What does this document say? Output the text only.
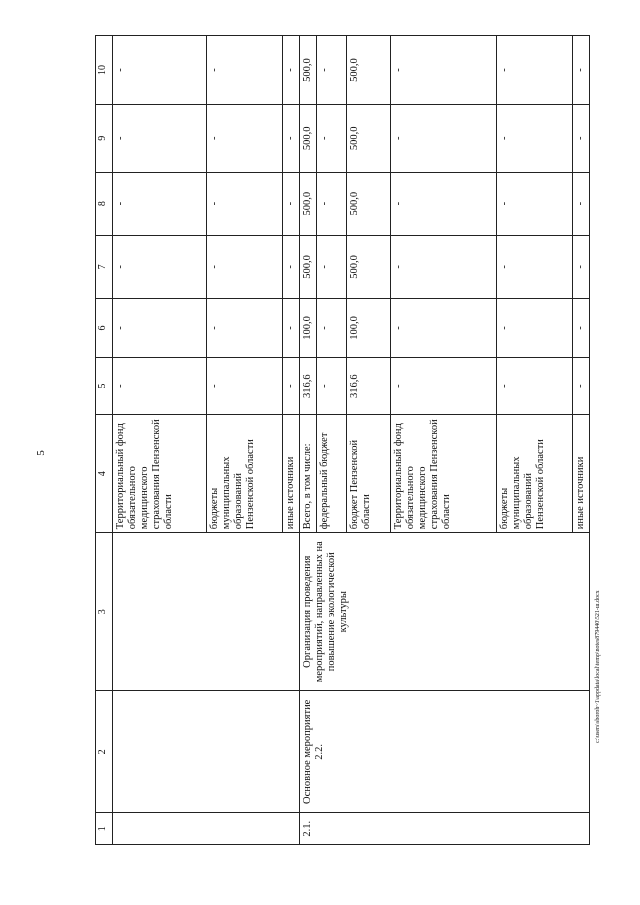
5
c:\users\sboroh~1\appdata\local\temp\notes879440\521-ш.docx
1	2	3	4	5	6	7	8	9	10
			Территориальный фонд обязательного медицинского страхования Пензенской области	-	-	-	-	-	-
			бюджеты муниципальных образований Пензенской области	-	-	-	-	-	-
			иные источники	-	-	-	-	-	-
2.1.	Основное мероприятие 2.2.	Организация проведения мероприятий, направленных на повышение экологической культуры	Всего, в том числе:	316,6	100,0	500,0	500,0	500,0	500,0
			федеральный бюджет	-	-	-	-	-	-
			бюджет Пензенской области	316,6	100,0	500,0	500,0	500,0	500,0
			Территориальный фонд обязательного медицинского страхования Пензенской области	-	-	-	-	-	-
			бюджеты муниципальных образований Пензенской области	-	-	-	-	-	-
			иные источники	-	-	-	-	-	-
